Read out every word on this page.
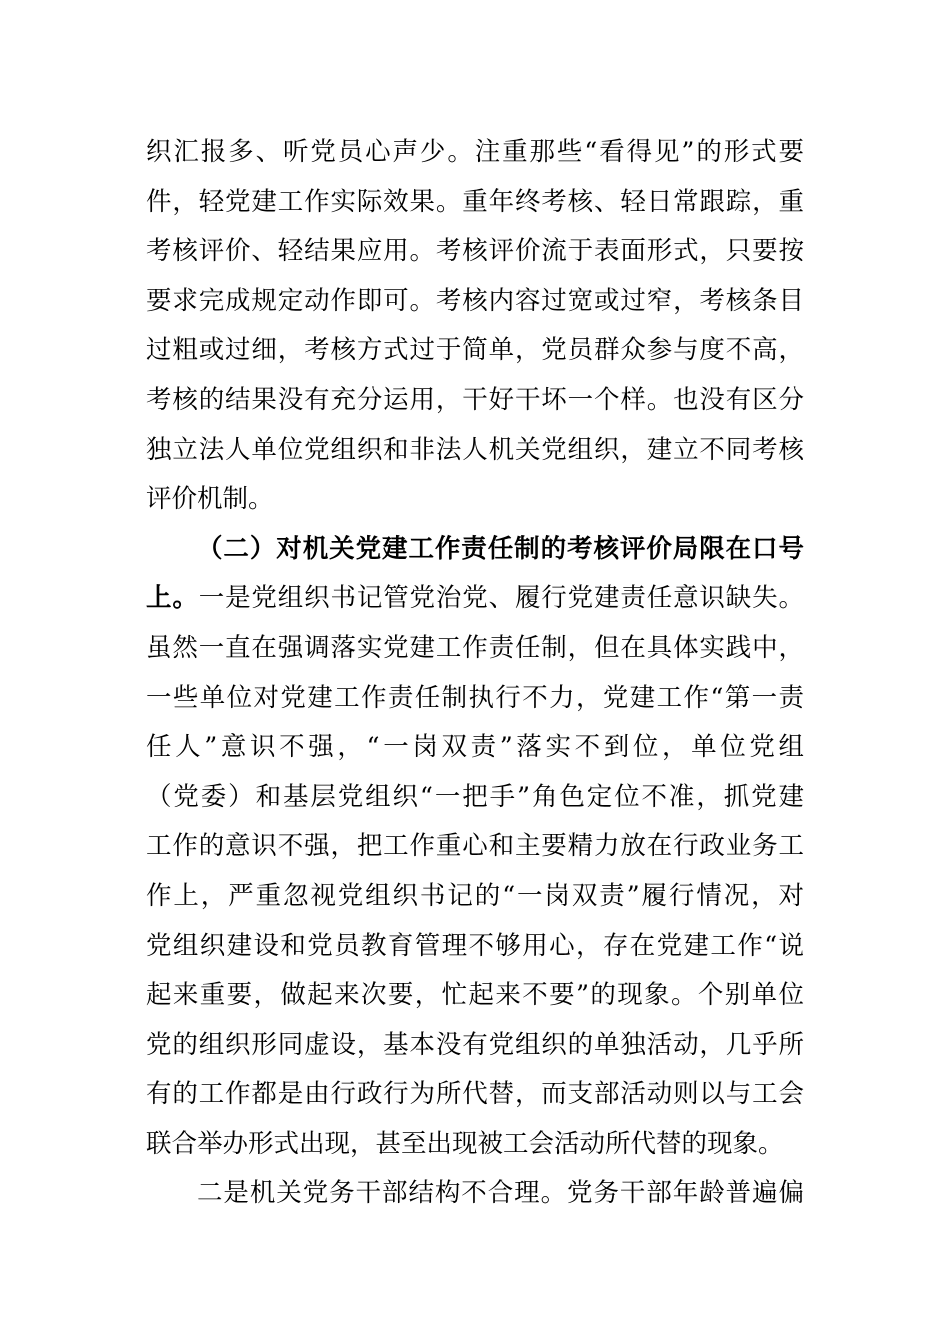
织汇报多、听党员心声少。注重那些“看得见”的形式要
件，轻党建工作实际效果。重年终考核、轻日常跟踪，重
考核评价、轻结果应用。考核评价流于表面形式，只要按
要求完成规定动作即可。考核内容过宽或过窄，考核条目
过粗或过细，考核方式过于简单，党员群众参与度不高，
考核的结果没有充分运用，干好干坏一个样。也没有区分
独立法人单位党组织和非法人机关党组织，建立不同考核
评价机制。
（二）对机关党建工作责任制的考核评价局限在口号
上。一是党组织书记管党治党、履行党建责任意识缺失。
虽然一直在强调落实党建工作责任制，但在具体实践中，
一些单位对党建工作责任制执行不力，党建工作“第一责
任人”意识不强，“一岗双责”落实不到位，单位党组
（党委）和基层党组织“一把手”角色定位不准，抓党建
工作的意识不强，把工作重心和主要精力放在行政业务工
作上，严重忽视党组织书记的“一岗双责”履行情况，对
党组织建设和党员教育管理不够用心，存在党建工作“说
起来重要，做起来次要，忙起来不要”的现象。个别单位
党的组织形同虚设，基本没有党组织的单独活动，几乎所
有的工作都是由行政行为所代替，而支部活动则以与工会
联合举办形式出现，甚至出现被工会活动所代替的现象。
二是机关党务干部结构不合理。党务干部年龄普遍偏
